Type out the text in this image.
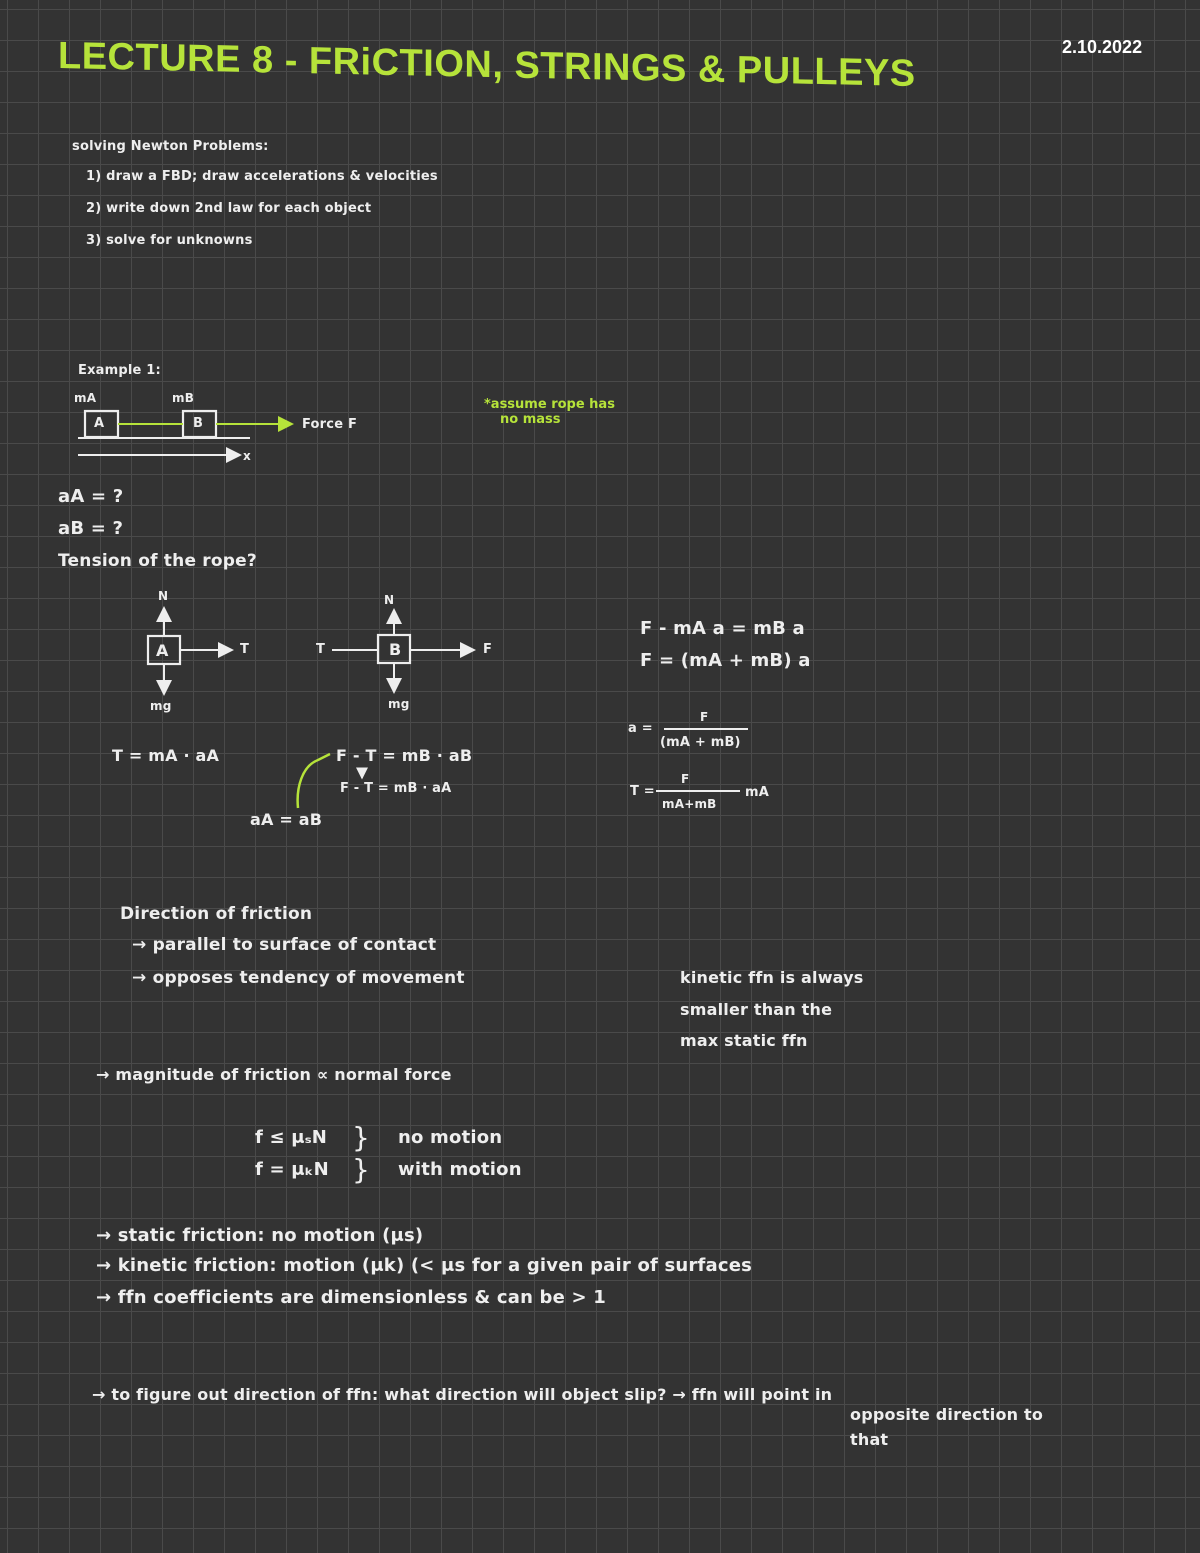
LECTURE 8 - FRiCTION, STRINGS & PULLEYS	2.10.2022
solving Newton Problems:
1) draw a FBD; draw accelerations & velocities
2) write down 2nd law for each object
3) solve for unknowns
Example 1:
mA	mB
Force F
x
*assume rope has
no mass
A	B
aA = ?
aB = ?
Tension of the rope?
N
A	T
mg
T = mA · aA
N
T	B	F
mg
F - T = mB · aB
F - T = mB · aA
aA = aB
F - mA a = mB a
F = (mA + mB) a
a =
F
(mA + mB)
T =
F
mA+mB
mA
Direction of friction
→ parallel to surface of contact
→ opposes tendency of movement	kinetic ffn is always
smaller than the
max static ffn
→ magnitude of friction ∝ normal force
f ≤ μₛN
f = μₖN
}
}
no motion
with motion
→ static friction: no motion (μs)
→ kinetic friction: motion (μk) (< μs for a given pair of surfaces
→ ffn coefficients are dimensionless & can be > 1
→ to figure out direction of ffn: what direction will object slip? → ffn will point in
opposite direction to
that
